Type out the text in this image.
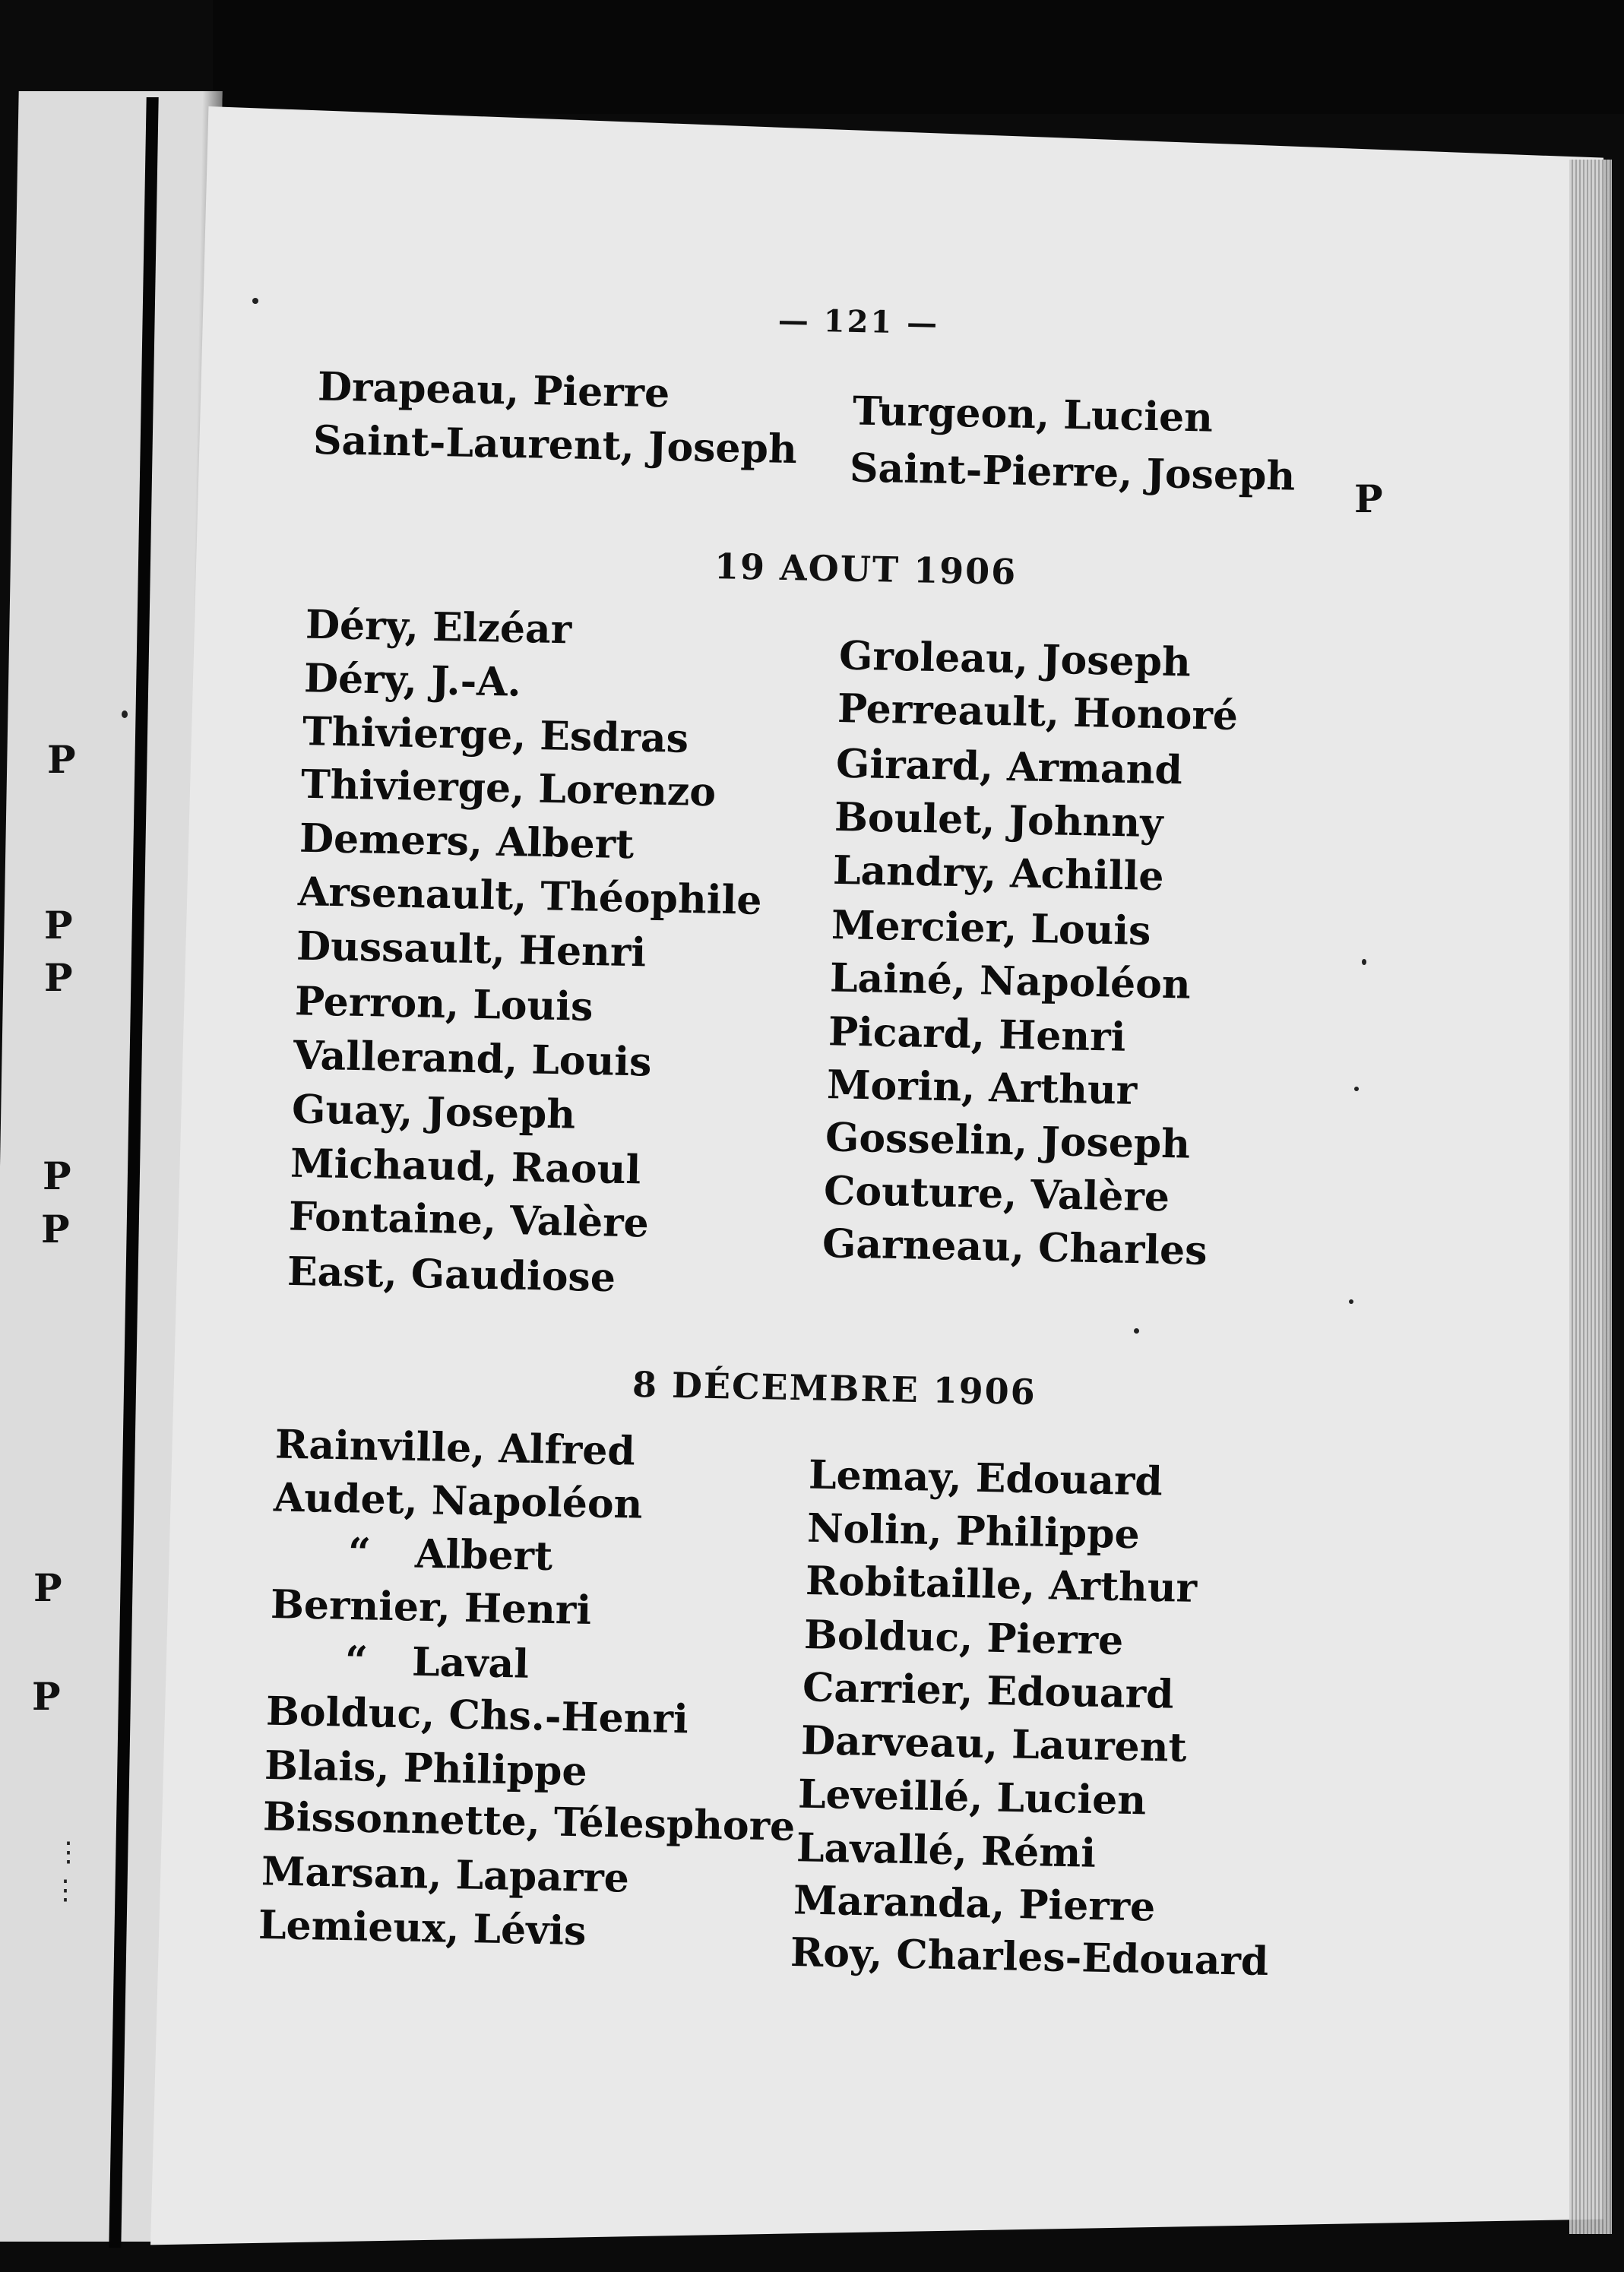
P
P
P
P
P
P
P
⋮
⋮
— 121 —
Drapeau, Pierre
Saint-Laurent, Joseph
Turgeon, Lucien
Saint-Pierre, Joseph P
19 AOUT 1906
Déry, Elzéar
Déry, J.-A.
Thivierge, Esdras
Thivierge, Lorenzo
Demers, Albert
Arsenault, Théophile
Dussault, Henri
Perron, Louis
Vallerand, Louis
Guay, Joseph
Michaud, Raoul
Fontaine, Valère
East, Gaudiose
Groleau, Joseph
Perreault, Honoré
Girard, Armand
Boulet, Johnny
Landry, Achille
Mercier, Louis
Lainé, Napoléon
Picard, Henri
Morin, Arthur
Gosselin, Joseph
Couture, Valère
Garneau, Charles
8 DÉCEMBRE 1906
Rainville, Alfred
Audet, Napoléon
“ Albert
Bernier, Henri
“ Laval
Bolduc, Chs.-Henri
Blais, Philippe
Bissonnette, Télesphore
Marsan, Laparre
Lemieux, Lévis
Lemay, Edouard
Nolin, Philippe
Robitaille, Arthur
Bolduc, Pierre
Carrier, Edouard
Darveau, Laurent
Leveillé, Lucien
Lavallé, Rémi
Maranda, Pierre
Roy, Charles-Edouard
